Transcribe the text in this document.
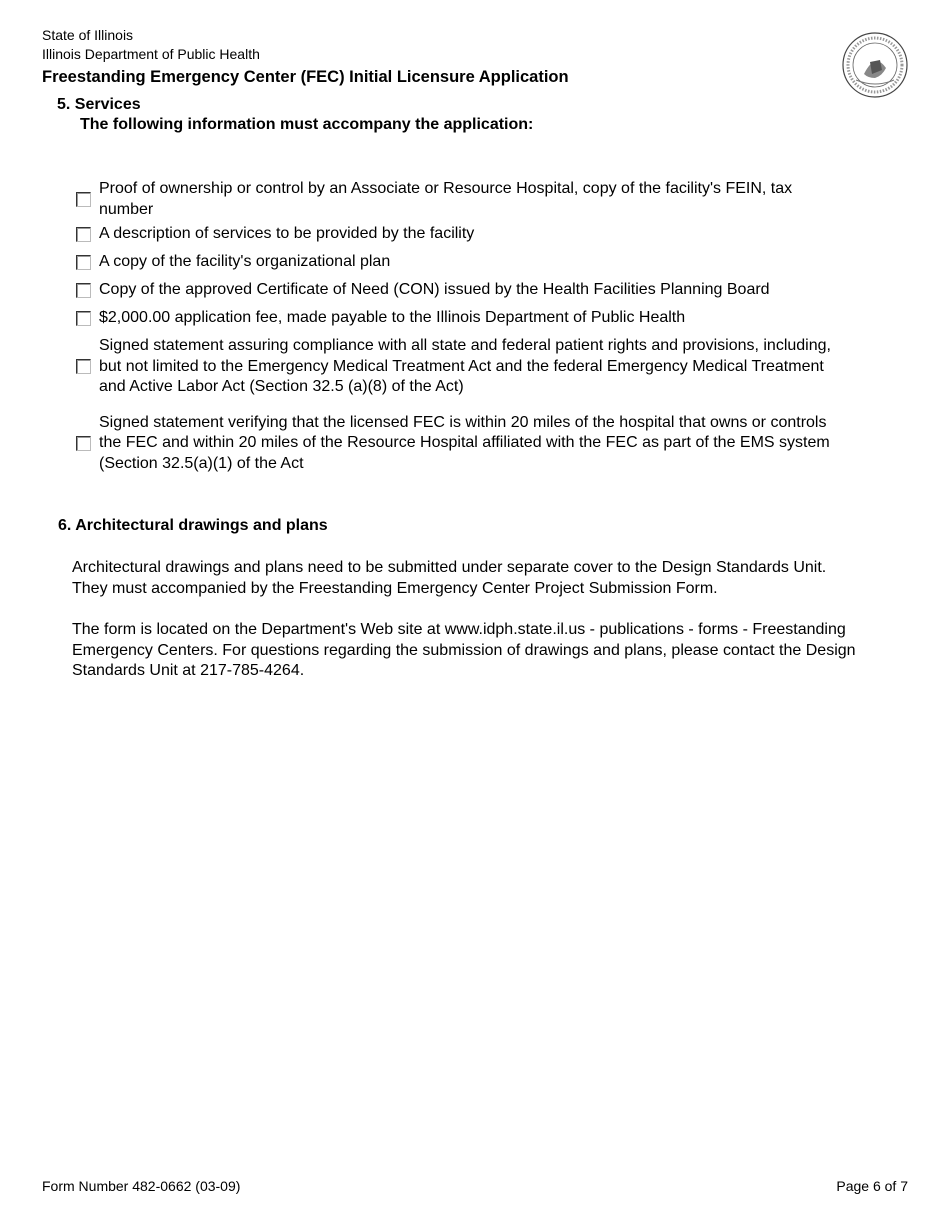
State of Illinois
Illinois Department of Public Health
Freestanding Emergency Center (FEC) Initial Licensure Application
5. Services
The following information must accompany the application:
Proof of ownership or control by an Associate or Resource Hospital, copy of the facility's FEIN, tax number
A description of services to be provided by the facility
A copy of the facility's organizational plan
Copy of the approved Certificate of Need (CON) issued by the Health Facilities Planning Board
$2,000.00 application fee, made payable to the Illinois Department of Public Health
Signed statement assuring compliance with all state and federal patient rights and provisions, including, but not limited to the Emergency Medical Treatment Act and the federal Emergency Medical Treatment and Active Labor Act (Section 32.5 (a)(8) of the Act)
Signed statement verifying that the licensed FEC is within 20 miles of the hospital that owns or controls the FEC and within 20 miles of the Resource Hospital affiliated with the FEC as part of the EMS system (Section 32.5(a)(1) of the Act
6. Architectural drawings and plans
Architectural drawings and plans need to be submitted under separate cover to the Design Standards Unit. They must accompanied by the Freestanding Emergency Center Project Submission Form.
The form is located on the Department's Web site at www.idph.state.il.us - publications - forms - Freestanding Emergency Centers. For questions regarding the submission of drawings and plans, please contact the Design Standards Unit at 217-785-4264.
Form Number 482-0662 (03-09)	Page 6 of 7
